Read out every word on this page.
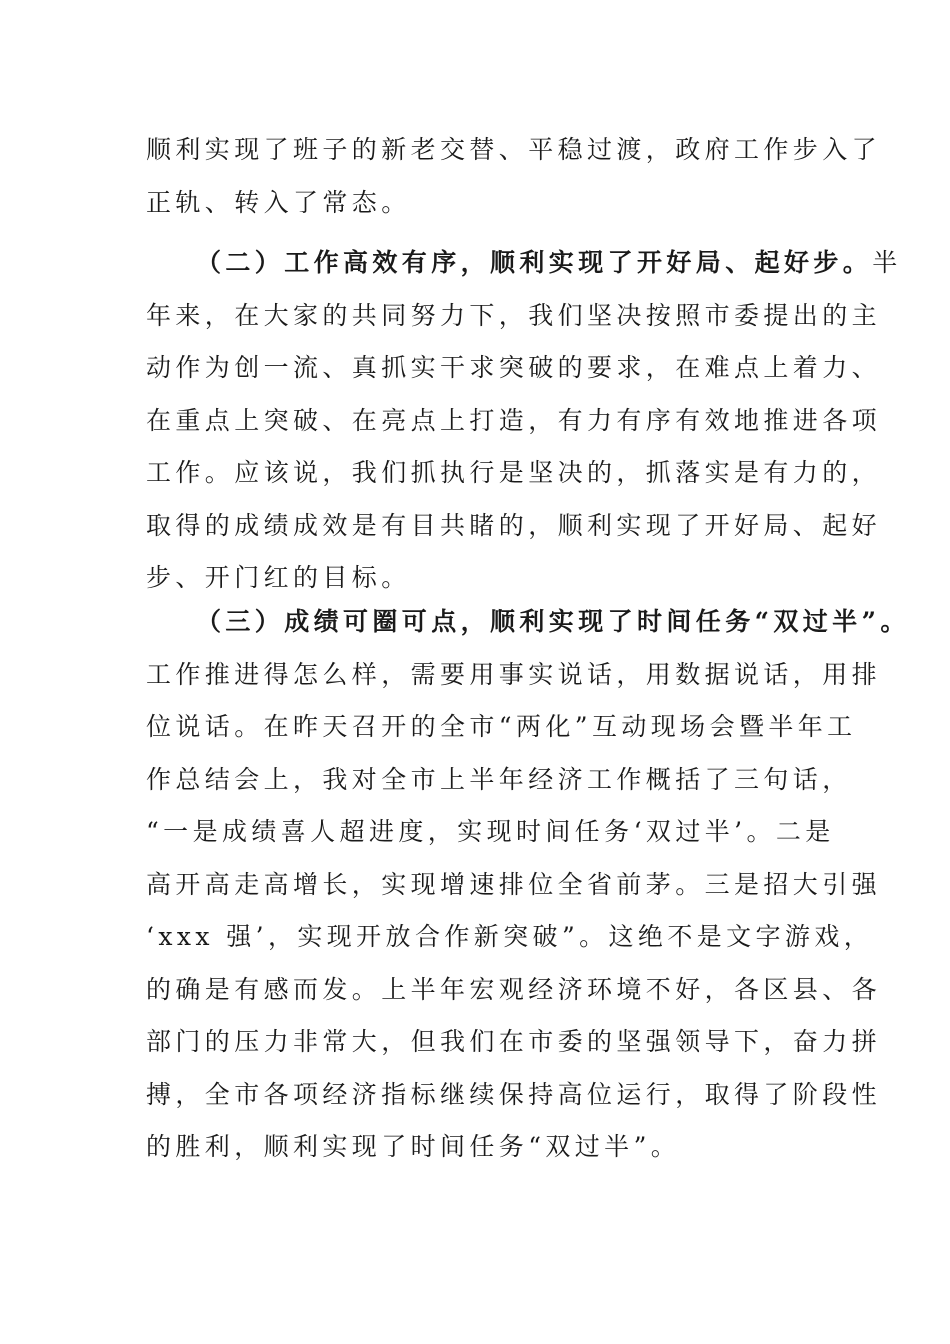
顺利实现了班子的新老交替、平稳过渡，政府工作步入了
正轨、转入了常态。
（二）工作高效有序，顺利实现了开好局、起好步。半
年来，在大家的共同努力下，我们坚决按照市委提出的主
动作为创一流、真抓实干求突破的要求，在难点上着力、
在重点上突破、在亮点上打造，有力有序有效地推进各项
工作。应该说，我们抓执行是坚决的，抓落实是有力的，
取得的成绩成效是有目共睹的，顺利实现了开好局、起好
步、开门红的目标。
（三）成绩可圈可点，顺利实现了时间任务“双过半”。
工作推进得怎么样，需要用事实说话，用数据说话，用排
位说话。在昨天召开的全市“两化”互动现场会暨半年工
作总结会上，我对全市上半年经济工作概括了三句话，
“一是成绩喜人超进度，实现时间任务‘双过半’。二是
高开高走高增长，实现增速排位全省前茅。三是招大引强
‘xxx 强’，实现开放合作新突破”。这绝不是文字游戏，
的确是有感而发。上半年宏观经济环境不好，各区县、各
部门的压力非常大，但我们在市委的坚强领导下，奋力拼
搏，全市各项经济指标继续保持高位运行，取得了阶段性
的胜利，顺利实现了时间任务“双过半”。
